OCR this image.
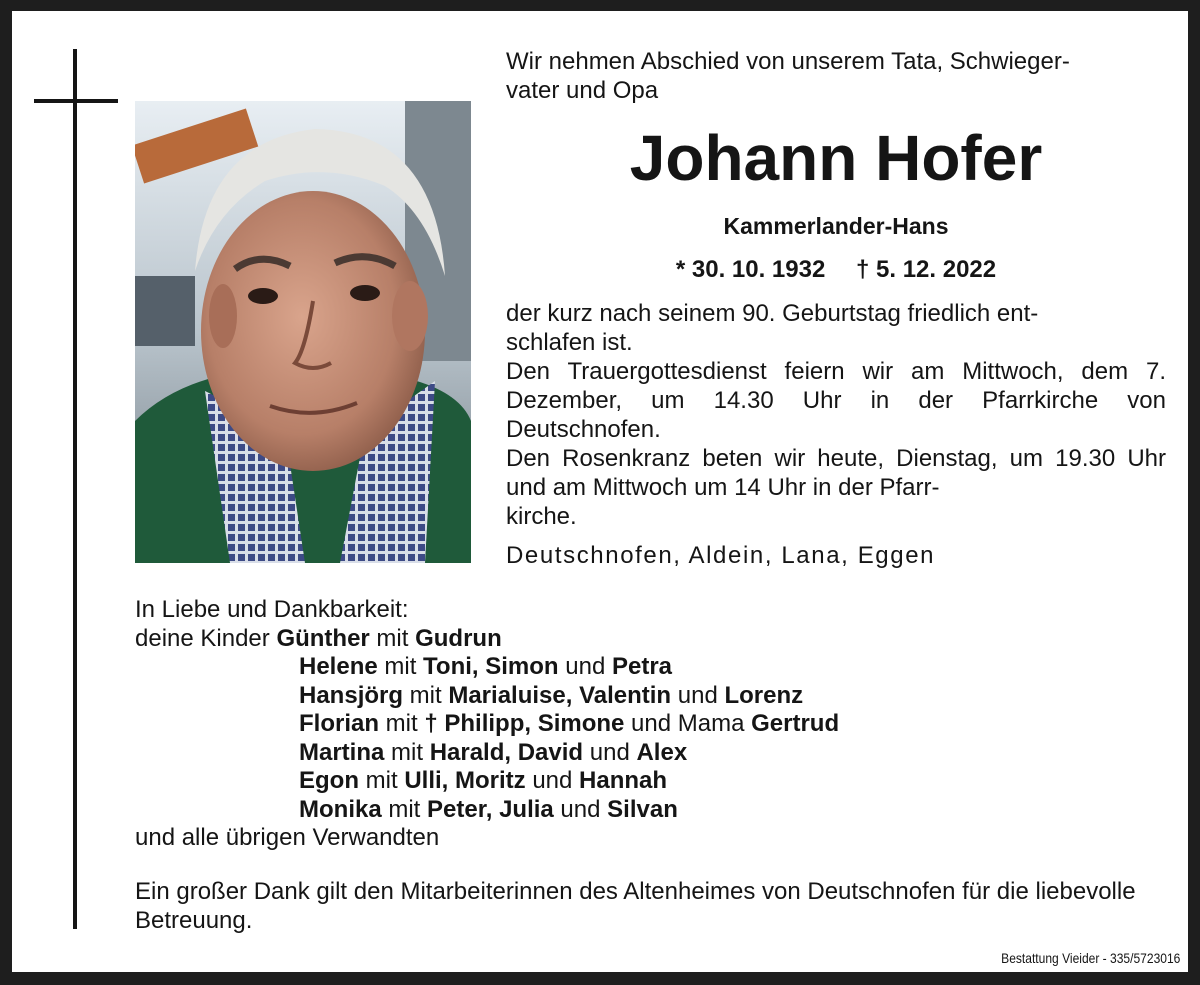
Wir nehmen Abschied von unserem Tata, Schwieger-
vater und Opa
Johann Hofer
Kammerlander-Hans
* 30. 10. 1932 † 5. 12. 2022

der kurz nach seinem 90. Geburtstag friedlich ent-
schlafen ist.

Den Trauergottesdienst feiern wir am Mittwoch, dem 7. Dezember, um 14.30 Uhr in der Pfarrkirche von Deutschnofen.

Den Rosenkranz beten wir heute, Dienstag, um 19.30 Uhr und am Mittwoch um 14 Uhr in der Pfarr-
kirche.

Deutschnofen, Aldein, Lana, Eggen
In Liebe und Dankbarkeit:
deine Kinder Günther mit Gudrun
Helene mit Toni, Simon und Petra
Hansjörg mit Marialuise, Valentin und Lorenz
Florian mit † Philipp, Simone und Mama Gertrud
Martina mit Harald, David und Alex
Egon mit Ulli, Moritz und Hannah
Monika mit Peter, Julia und Silvan
und alle übrigen Verwandten
Ein großer Dank gilt den Mitarbeiterinnen des Altenheimes von Deutschnofen für die liebevolle Betreuung.
Bestattung Vieider - 335/5723016
